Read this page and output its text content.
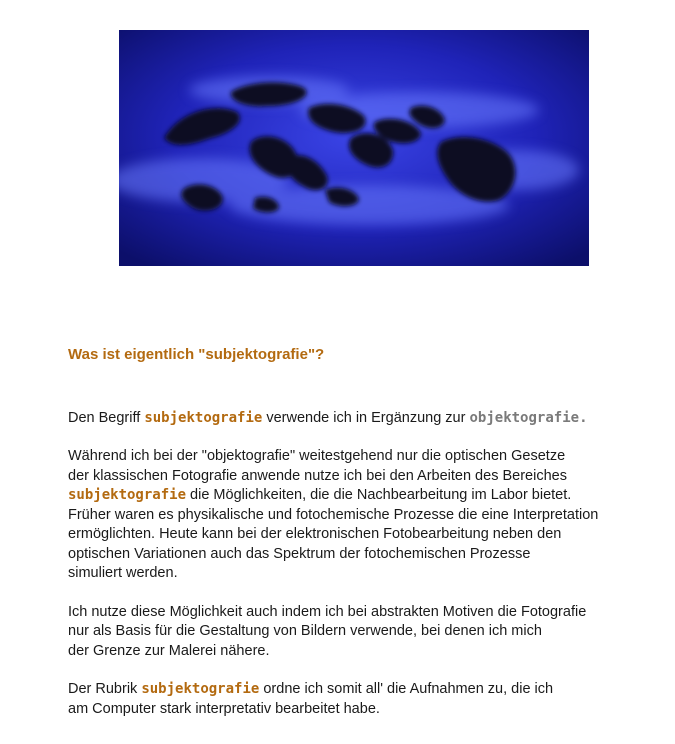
Was ist eigentlich "subjektografie"?

Den Begriff subjektografie verwende ich in Ergänzung zur objektografie.

Während ich bei der "objektografie" weitestgehend nur die optischen Gesetze
der klassischen Fotografie anwende nutze ich bei den Arbeiten des Bereiches
subjektografie die Möglichkeiten, die die Nachbearbeitung im Labor bietet.
Früher waren es physikalische und fotochemische Prozesse die eine Interpretation
ermöglichten. Heute kann bei der elektronischen Fotobearbeitung neben den
optischen Variationen auch das Spektrum der fotochemischen Prozesse
simuliert werden.

Ich nutze diese Möglichkeit auch indem ich bei abstrakten Motiven die Fotografie
nur als Basis für die Gestaltung von Bildern verwende, bei denen ich mich
der Grenze zur Malerei nähere.

Der Rubrik subjektografie ordne ich somit all' die Aufnahmen zu, die ich
am Computer stark interpretativ bearbeitet habe.
